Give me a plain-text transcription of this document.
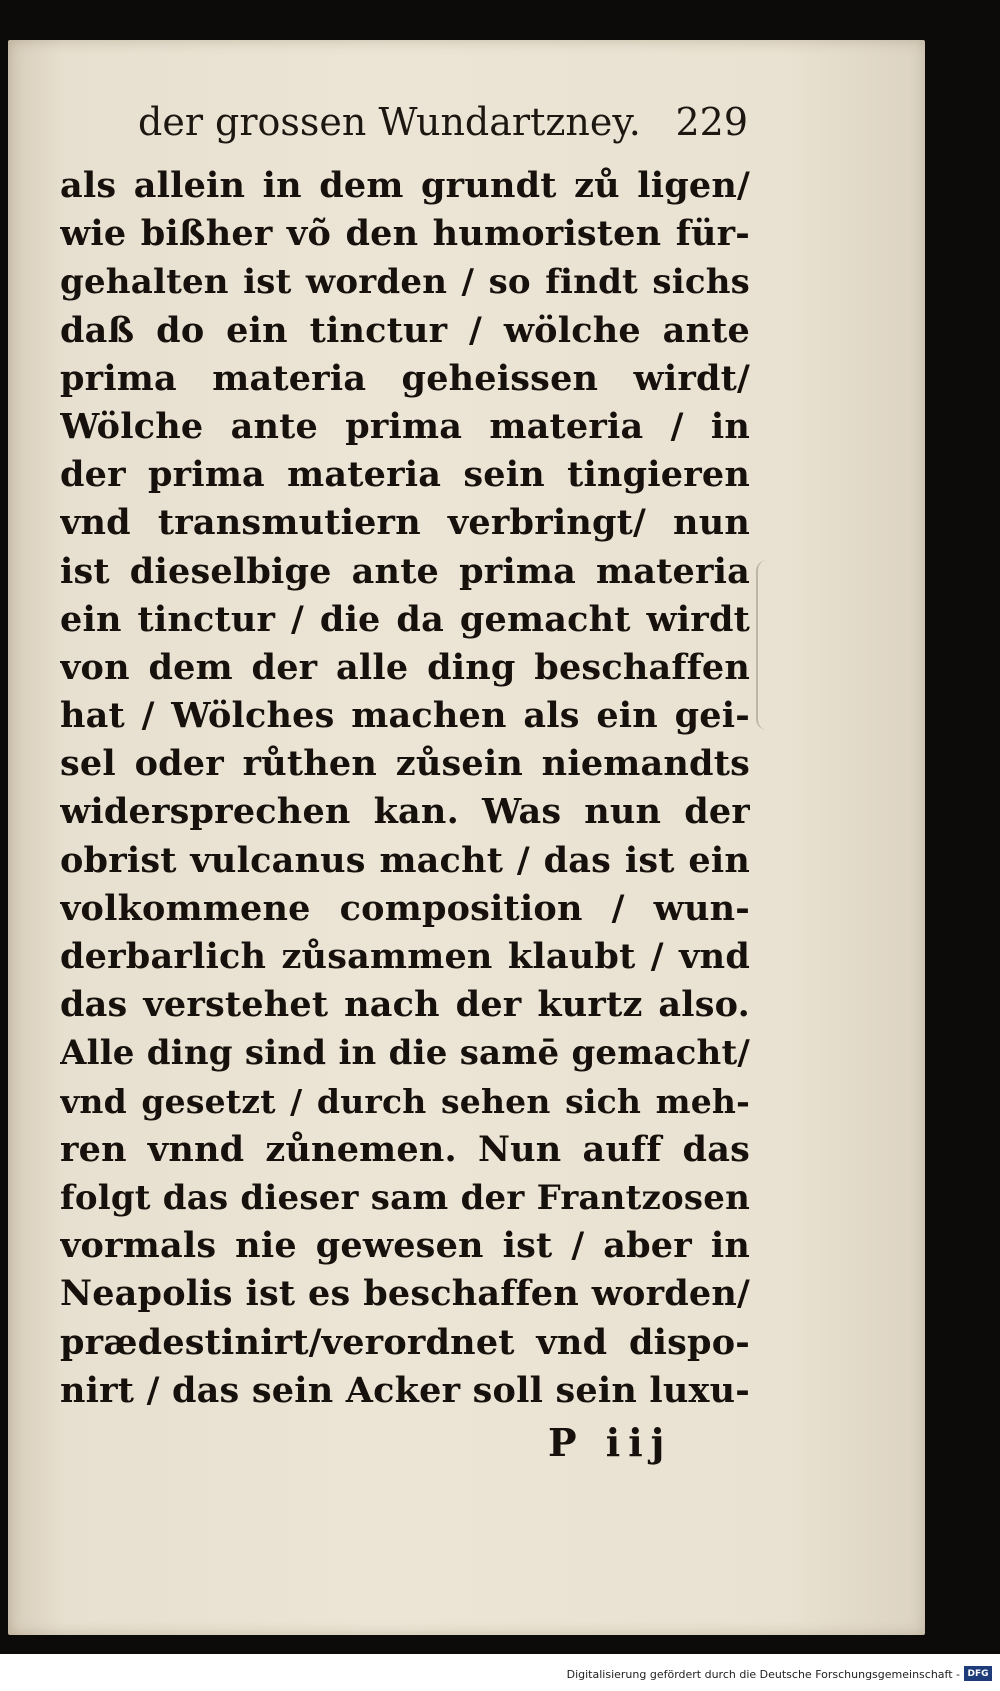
der grossen Wundartzney. 229
als allein in dem grundt zů ligen/
wie bißher võ den humoristen für-
gehalten ist worden / so findt sichs
daß do ein tinctur / wölche ante
prima materia geheissen wirdt/
Wölche ante prima materia / in
der prima materia sein tingieren
vnd transmutiern verbringt/ nun
ist dieselbige ante prima materia
ein tinctur / die da gemacht wirdt
von dem der alle ding beschaffen
hat / Wölches machen als ein gei-
sel oder růthen zůsein niemandts
widersprechen kan. Was nun der
obrist vulcanus macht / das ist ein
volkommene composition / wun-
derbarlich zůsammen klaubt / vnd
das verstehet nach der kurtz also.
Alle ding sind in die samē gemacht/
vnd gesetzt / durch sehen sich meh-
ren vnnd zůnemen. Nun auff das
folgt das dieser sam der Frantzosen
vormals nie gewesen ist / aber in
Neapolis ist es beschaffen worden/
prædestinirt/verordnet vnd dispo-
nirt / das sein Acker soll sein luxu-
P iij
Digitalisierung gefördert durch die Deutsche Forschungsgemeinschaft - DFG
